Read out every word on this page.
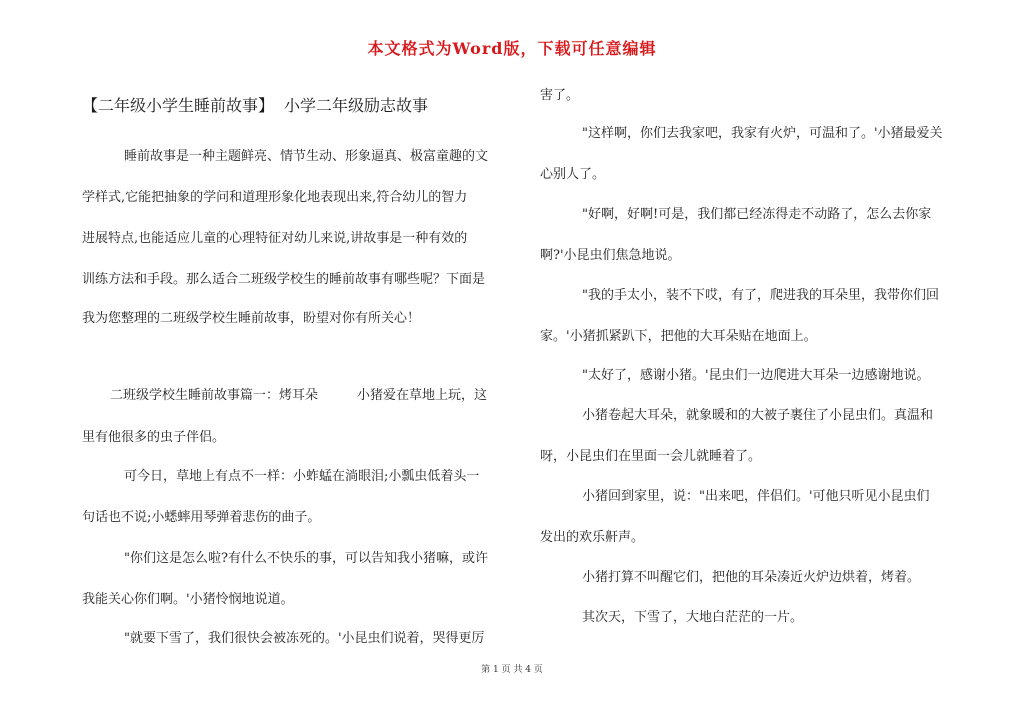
本文格式为Word版，下载可任意编辑
【二年级小学生睡前故事】 小学二年级励志故事
睡前故事是一种主题鲜亮、情节生动、形象逼真、极富童趣的文
学样式,它能把抽象的学问和道理形象化地表现出来,符合幼儿的智力
进展特点,也能适应儿童的心理特征对幼儿来说,讲故事是一种有效的
训练方法和手段。那么适合二班级学校生的睡前故事有哪些呢？下面是
我为您整理的二班级学校生睡前故事，盼望对你有所关心！
二班级学校生睡前故事篇一：烤耳朵　　　小猪爱在草地上玩，这
里有他很多的虫子伴侣。
可今日，草地上有点不一样：小蚱蜢在淌眼泪;小瓢虫低着头一
句话也不说;小蟋蟀用琴弹着悲伤的曲子。
"你们这是怎么啦?有什么不快乐的事，可以告知我小猪嘛，或许
我能关心你们啊。'小猪怜悯地说道。
"就要下雪了，我们很快会被冻死的。'小昆虫们说着，哭得更厉
害了。
"这样啊，你们去我家吧，我家有火炉，可温和了。'小猪最爱关
心别人了。
"好啊，好啊!可是，我们都已经冻得走不动路了，怎么去你家
啊?'小昆虫们焦急地说。
"我的手太小，装不下哎，有了，爬进我的耳朵里，我带你们回
家。'小猪抓紧趴下，把他的大耳朵贴在地面上。
"太好了，感谢小猪。'昆虫们一边爬进大耳朵一边感谢地说。
小猪卷起大耳朵，就象暖和的大被子裹住了小昆虫们。真温和
呀，小昆虫们在里面一会儿就睡着了。
小猪回到家里，说："出来吧，伴侣们。'可他只听见小昆虫们
发出的欢乐鼾声。
小猪打算不叫醒它们，把他的耳朵凑近火炉边烘着，烤着。
其次天，下雪了，大地白茫茫的一片。
第 1 页 共 4 页
